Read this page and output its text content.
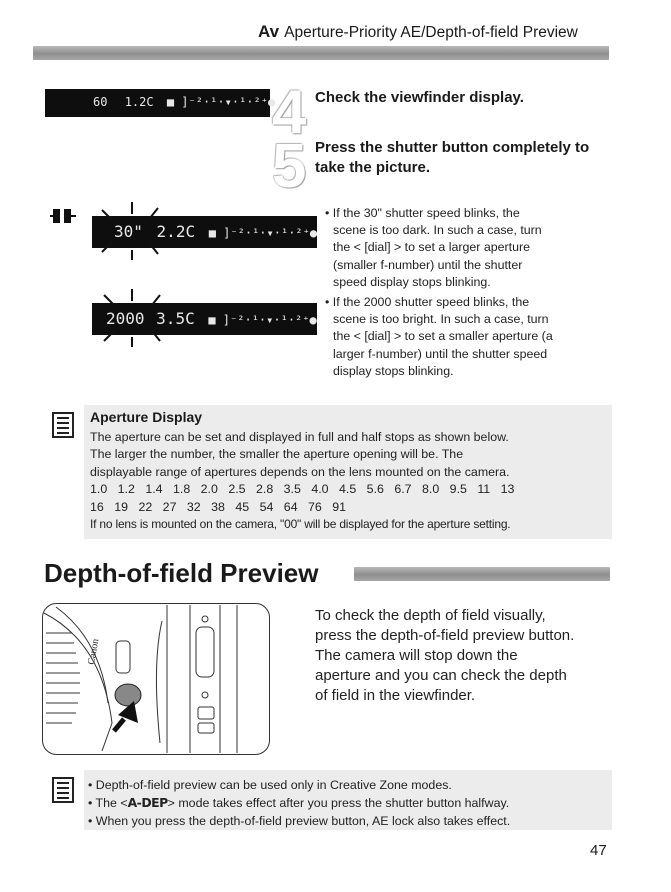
Av Aperture-Priority AE/Depth-of-field Preview
60 1.2C ■ ]⁻²·¹·▾·¹·²⁺●
4 Check the viewfinder display.
5 Press the shutter button completely to take the picture.
30" 2.2C ■ ]⁻²·¹·▾·¹·²⁺●
2000 3.5C ■ ]⁻²·¹·▾·¹·²⁺●

• If the 30" shutter speed blinks, the

scene is too dark. In such a case, turn

the < [dial] > to set a larger aperture

(smaller f-number) until the shutter

speed display stops blinking.

• If the 2000 shutter speed blinks, the

scene is too bright. In such a case, turn

the < [dial] > to set a smaller aperture (a

larger f-number) until the shutter speed

display stops blinking.

Aperture Display
The aperture can be set and displayed in full and half stops as shown below.
The larger the number, the smaller the aperture opening will be. The
displayable range of apertures depends on the lens mounted on the camera.
1.0 1.2 1.4 1.8 2.0 2.5 2.8 3.5 4.0 4.5 5.6 6.7 8.0 9.5 11 13
16 19 22 27 32 38 45 54 64 76 91
If no lens is mounted on the camera, "00" will be displayed for the aperture setting.
Depth-of-field Preview
Canon
To check the depth of field visually,
press the depth-of-field preview button.
The camera will stop down the
aperture and you can check the depth
of field in the viewfinder.

• Depth-of-field preview can be used only in Creative Zone modes.

• The <A-DEP> mode takes effect after you press the shutter button halfway.

• When you press the depth-of-field preview button, AE lock also takes effect.

47
